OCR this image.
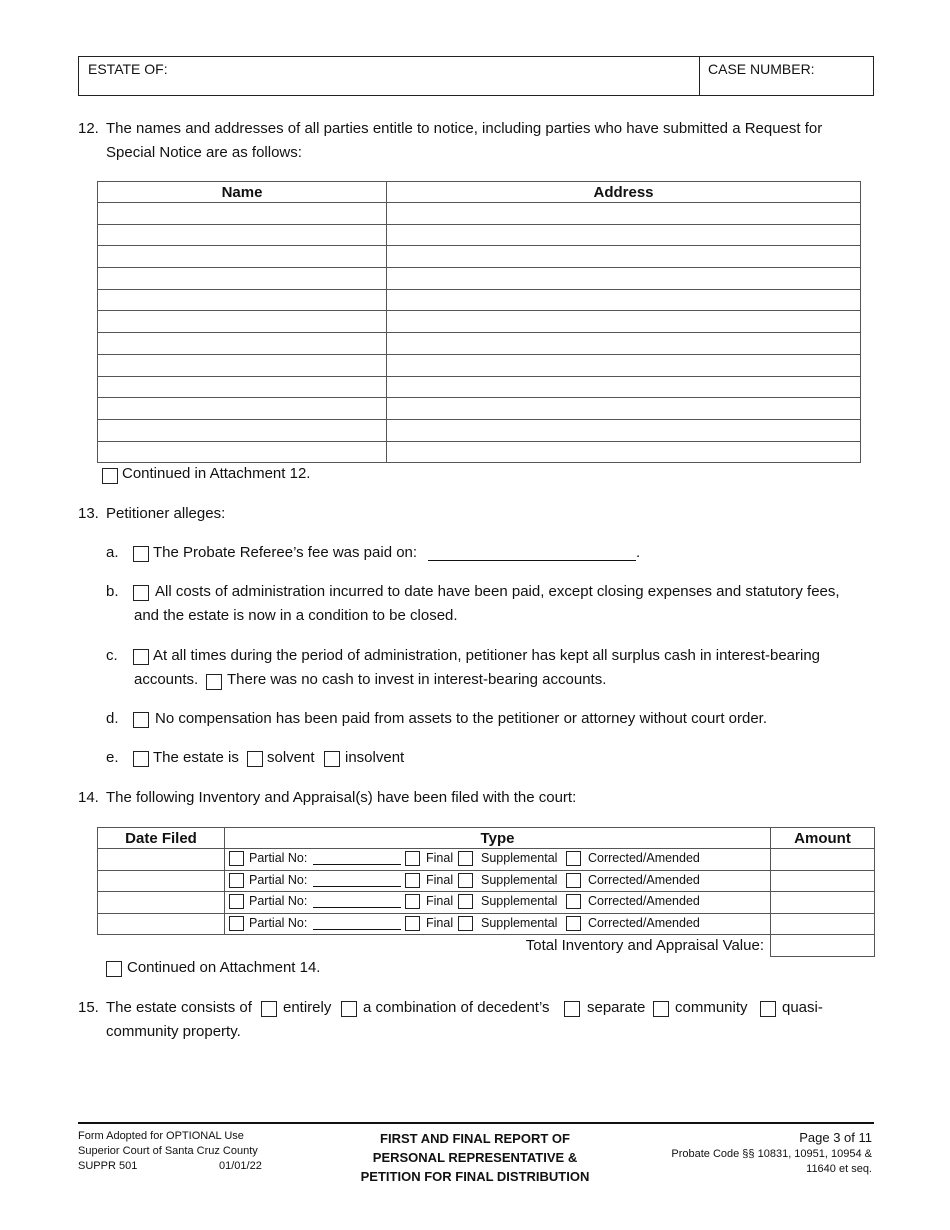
ESTATE OF:	CASE NUMBER:
12. The names and addresses of all parties entitle to notice, including parties who have submitted a Request for
Special Notice are as follows:
Name	Address

Continued in Attachment 12.
13. Petitioner alleges:
a. The Probate Referee’s fee was paid on:	.
b. All costs of administration incurred to date have been paid, except closing expenses and statutory fees,
and the estate is now in a condition to be closed.
c. At all times during the period of administration, petitioner has kept all surplus cash in interest-bearing
accounts. There was no cash to invest in interest-bearing accounts.
d. No compensation has been paid from assets to the petitioner or attorney without court order.
e. The estate is solvent insolvent
14. The following Inventory and Appraisal(s) have been filed with the court:
Date Filed	Type	Amount

	Partial No: Final Supplemental Corrected/Amended	

	Partial No: Final Supplemental Corrected/Amended	

	Partial No: Final Supplemental Corrected/Amended	

	Partial No: Final Supplemental Corrected/Amended	

Total Inventory and Appraisal Value:		
Continued on Attachment 14.
15. The estate consists of entirely a combination of decedent’s separate community quasi-
community property.
Form Adopted for OPTIONAL Use
Superior Court of Santa Cruz County
SUPPR 501	01/01/22
FIRST AND FINAL REPORT OF
PERSONAL REPRESENTATIVE &
PETITION FOR FINAL DISTRIBUTION
Page 3 of 11
Probate Code §§ 10831, 10951, 10954 &
11640 et seq.
